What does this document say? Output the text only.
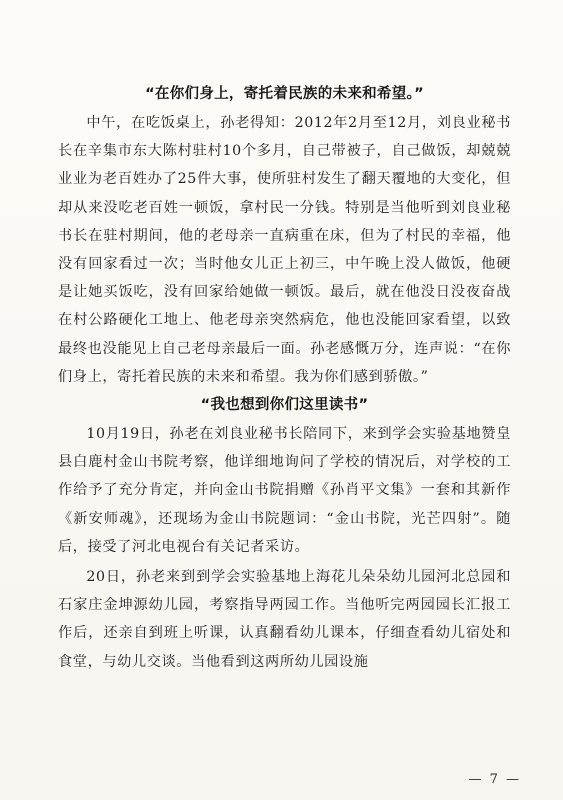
“在你们身上，寄托着民族的未来和希望。”

中午，在吃饭桌上，孙老得知：2012年2月至12月，刘良业秘书长在辛集市东大陈村驻村10个多月，自己带被子，自己做饭，却兢兢业业为老百姓办了25件大事，使所驻村发生了翻天覆地的大变化，但却从来没吃老百姓一顿饭，拿村民一分钱。特别是当他听到刘良业秘书长在驻村期间，他的老母亲一直病重在床，但为了村民的幸福，他没有回家看过一次；当时他女儿正上初三，中午晚上没人做饭，他硬是让她买饭吃，没有回家给她做一顿饭。最后，就在他没日没夜奋战在村公路硬化工地上、他老母亲突然病危，他也没能回家看望，以致最终也没能见上自己老母亲最后一面。孙老感慨万分，连声说：“在你们身上，寄托着民族的未来和希望。我为你们感到骄傲。”

“我也想到你们这里读书”

10月19日，孙老在刘良业秘书长陪同下，来到学会实验基地赞皇县白鹿村金山书院考察，他详细地询问了学校的情况后，对学校的工作给予了充分肯定，并向金山书院捐赠《孙肖平文集》一套和其新作《新安师魂》，还现场为金山书院题词：“金山书院，光芒四射”。随后，接受了河北电视台有关记者采访。

20日，孙老来到到学会实验基地上海花儿朵朵幼儿园河北总园和石家庄金坤源幼儿园，考察指导两园工作。当他听完两园园长汇报工作后，还亲自到班上听课，认真翻看幼儿课本，仔细查看幼儿宿处和食堂，与幼儿交谈。当他看到这两所幼儿园设施

— 7 —
